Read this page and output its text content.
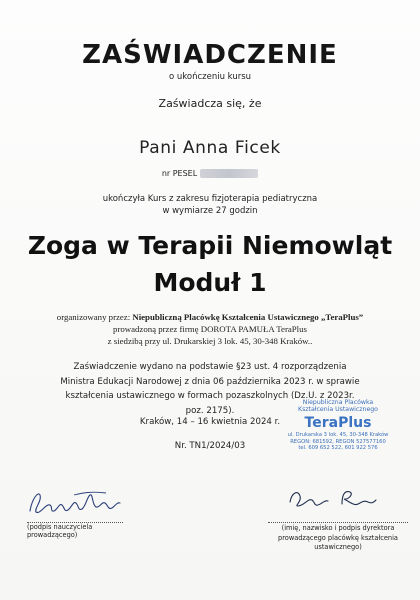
ZAŚWIADCZENIE
o ukończeniu kursu
Zaświadcza się, że
Pani Anna Ficek
nr PESEL
ukończyła Kurs z zakresu fizjoterapia pediatryczna
w wymiarze 27 godzin
Zoga w Terapii Niemowląt
Moduł 1
organizowany przez: Niepubliczną Placówkę Kształcenia Ustawicznego „TeraPlus”
prowadzoną przez firmę DOROTA PAMUŁA TeraPlus
z siedzibą przy ul. Drukarskiej 3 lok. 45, 30-348 Kraków..
Zaświadczenie wydano na podstawie §23 ust. 4 rozporządzenia Ministra Edukacji Narodowej z dnia 06 października 2023 r. w sprawie kształcenia ustawicznego w formach pozaszkolnych (Dz.U. z 2023r. poz. 2175).
Kraków, 14 – 16 kwietnia 2024 r.
Nr. TN1/2024/03
Niepubliczna Placówka
Kształcenia Ustawicznego
TeraPlus
ul. Drukarska 3 lok. 45, 30-348 Kraków
REGON: 681592, REGON 527577160
tel. 609 652 522, 601 922 576
(podpis nauczyciela prowadzącego)
(imię, nazwisko i podpis dyrektora
prowadzącego placówkę kształcenia ustawicznego)
